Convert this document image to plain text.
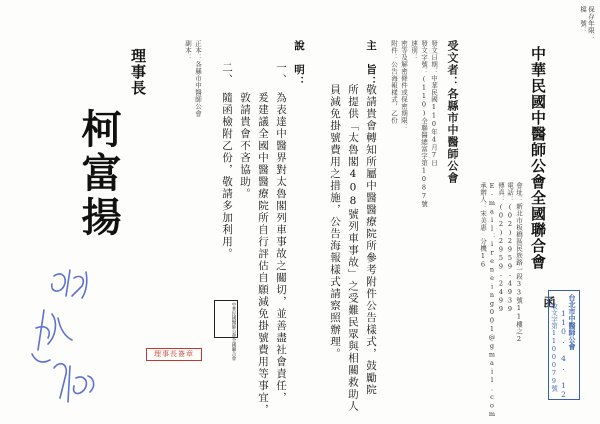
檔　號： 保存年限：
中華民國中醫師公會全國聯合會
函 台北市中醫師公會
110. 4. 12
收文字第1100079號
會址：新北市板橋區民族路一段33號11樓之2
電話：(02)2959-4939
傳真：(02)2959-2499
E-mail：ireneing001@gmail.com
承辦人：宋美惠　分機16
受文者：各縣市中醫師公會
發文日期：中華民國110年4月7日
發文字號：(110)全聯醫總富字第1087號
速別：
密等及解密條件或保密期限：
附件：公告海報樣式，乙份
主　旨：
敬請貴會轉知所屬中醫醫療院所參考附件公告樣式，鼓勵院
所提供「太魯閣408號列車事故」之受難民眾與相關救助人
員減免掛號費用之措施，公告海報樣式請察照辦理。
說　明：
一、
為表達中醫界對太魯閣列車事故之關切，並善盡社會責任，
爰建議全國中醫醫療院所自行評估自願減免掛號費用等事宜，
敦請貴會不吝協助。
二、
隨函檢附乙份，敬請多加利用。
中華民國醫師公會全國聯合會
正本：各縣市中醫師公會
副本：
理事長
柯富揚
理事長簽章
